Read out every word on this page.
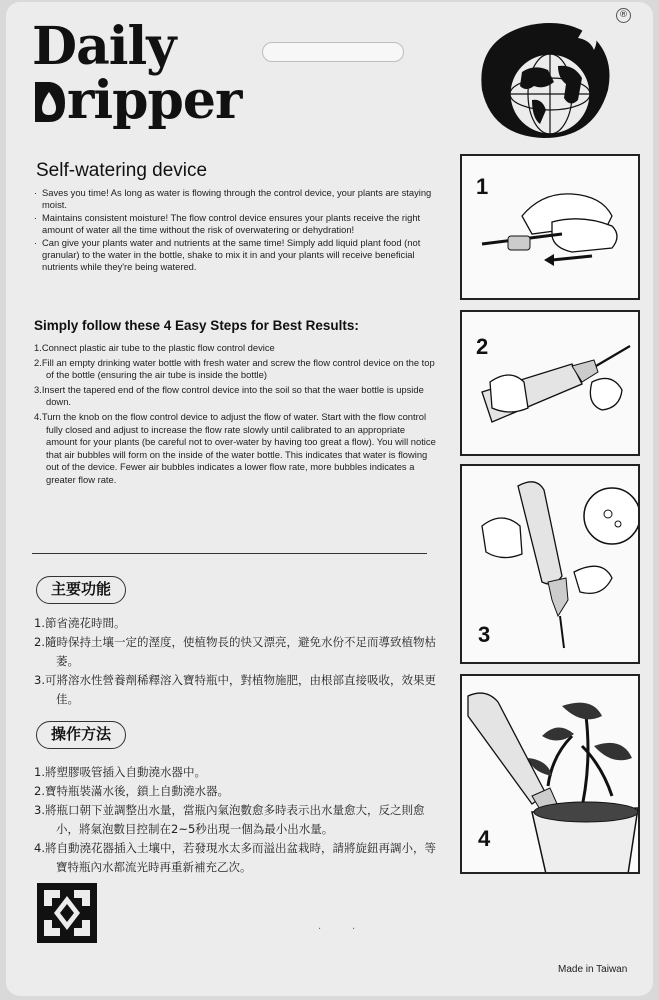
®
Daily
ripper
Self-watering device
· Saves you time! As long as water is flowing through the control device, your plants are staying moist.
· Maintains consistent moisture! The flow control device ensures your plants receive the right amount of water all the time without the risk of overwatering or dehydration!
· Can give your plants water and nutrients at the same time! Simply add liquid plant food (not granular) to the water in the bottle, shake to mix it in and your plants will receive beneficial nutrients while they're being watered.
Simply follow these 4 Easy Steps for Best Results:
1.Connect plastic air tube to the plastic flow control device
2.Fill an empty drinking water bottle with fresh water and screw the flow control device on the top of the bottle (ensuring the air tube is inside the bottle)
3.Insert the tapered end of the flow control device into the soil so that the waer bottle is upside down.
4.Turn the knob on the flow control device to adjust the flow of water. Start with the flow control fully closed and adjust to increase the flow rate slowly until calibrated to an appropriate amount for your plants (be careful not to over-water by having too great a flow). You will notice that air bubbles will form on the inside of the water bottle. This indicates that water is flowing out of the device. Fewer air bubbles indicates a lower flow rate, more bubbles indicates a greater flow rate.
主要功能
1.節省澆花時間。
2.隨時保持土壤一定的溼度，使植物長的快又漂亮，避免水份不足而導致植物枯萎。
3.可將溶水性營養劑稀釋溶入寶特瓶中，對植物施肥，由根部直接吸收，效果更佳。
操作方法
1.將塑膠吸管插入自動澆水器中。
2.寶特瓶裝滿水後，鎖上自動澆水器。
3.將瓶口朝下並調整出水量，當瓶內氣泡數愈多時表示出水量愈大，反之則愈小，將氣泡數目控制在2~5秒出現一個為最小出水量。
4.將自動澆花器插入土壤中，若發現水太多而溢出盆栽時，請將旋鈕再調小，等寶特瓶內水都流光時再重新補充乙次。
·	·
1
2
3
4
Made in Taiwan
